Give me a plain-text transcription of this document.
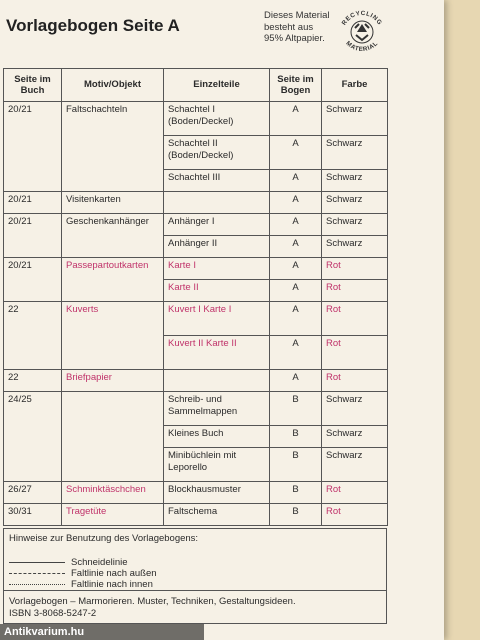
Vorlagebogen Seite A
Dieses Material
besteht aus
95% Altpapier.
RECYCLING
MATERIAL
Seite im Buch	Motiv/Objekt	Einzelteile	Seite im Bogen	Farbe
20/21	Faltschachteln	Schachtel I (Boden/Deckel)	A	Schwarz
		Schachtel II (Boden/Deckel)	A	Schwarz
		Schachtel III	A	Schwarz
20/21	Visitenkarten		A	Schwarz
20/21	Geschenkanhänger	Anhänger I	A	Schwarz
		Anhänger II	A	Schwarz
20/21	Passepartoutkarten	Karte I	A	Rot
		Karte II	A	Rot
22	Kuverts	Kuvert I Karte I	A	Rot
		Kuvert II Karte II	A	Rot
22	Briefpapier		A	Rot
24/25		Schreib- und Sammelmappen	B	Schwarz
		Kleines Buch	B	Schwarz
		Minibüchlein mit Leporello	B	Schwarz
26/27	Schminktäschchen	Blockhausmuster	B	Rot
30/31	Tragetüte	Faltschema	B	Rot
Hinweise zur Benutzung des Vorlagebogens:
Schneidelinie
Faltlinie nach außen
Faltlinie nach innen
Vorlagebogen – Marmorieren. Muster, Techniken, Gestaltungsideen.
ISBN 3-8068-5247-2
Antikvarium.hu
